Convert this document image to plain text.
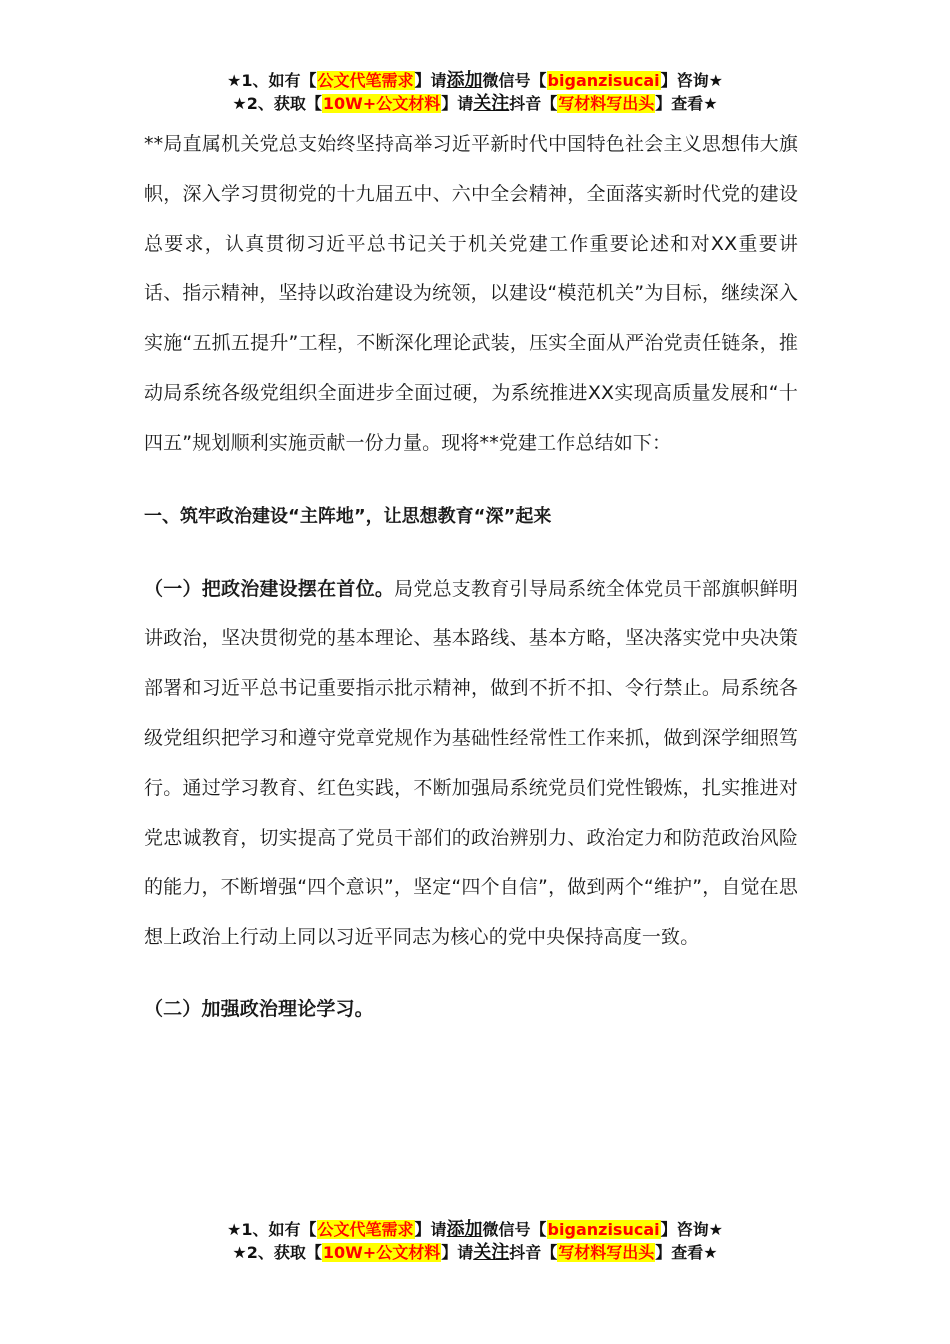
★1、如有【公文代笔需求】请添加微信号【biganzisucai】咨询★
★2、获取【10W+公文材料】请关注抖音【写材料写出头】查看★

**局直属机关党总支始终坚持高举习近平新时代中国特色社会主义思想伟大旗帜，深入学习贯彻党的十九届五中、六中全会精神，全面落实新时代党的建设总要求，认真贯彻习近平总书记关于机关党建工作重要论述和对XX重要讲话、指示精神，坚持以政治建设为统领，以建设“模范机关”为目标，继续深入实施“五抓五提升”工程，不断深化理论武装，压实全面从严治党责任链条，推动局系统各级党组织全面进步全面过硬，为系统推进XX实现高质量发展和“十四五”规划顺利实施贡献一份力量。现将**党建工作总结如下：

一、筑牢政治建设“主阵地”，让思想教育“深”起来

（一）把政治建设摆在首位。局党总支教育引导局系统全体党员干部旗帜鲜明讲政治，坚决贯彻党的基本理论、基本路线、基本方略，坚决落实党中央决策部署和习近平总书记重要指示批示精神，做到不折不扣、令行禁止。局系统各级党组织把学习和遵守党章党规作为基础性经常性工作来抓，做到深学细照笃行。通过学习教育、红色实践，不断加强局系统党员们党性锻炼，扎实推进对党忠诚教育，切实提高了党员干部们的政治辨别力、政治定力和防范政治风险的能力，不断增强“四个意识”，坚定“四个自信”，做到两个“维护”，自觉在思想上政治上行动上同以习近平同志为核心的党中央保持高度一致。

（二）加强政治理论学习。

★1、如有【公文代笔需求】请添加微信号【biganzisucai】咨询★
★2、获取【10W+公文材料】请关注抖音【写材料写出头】查看★
